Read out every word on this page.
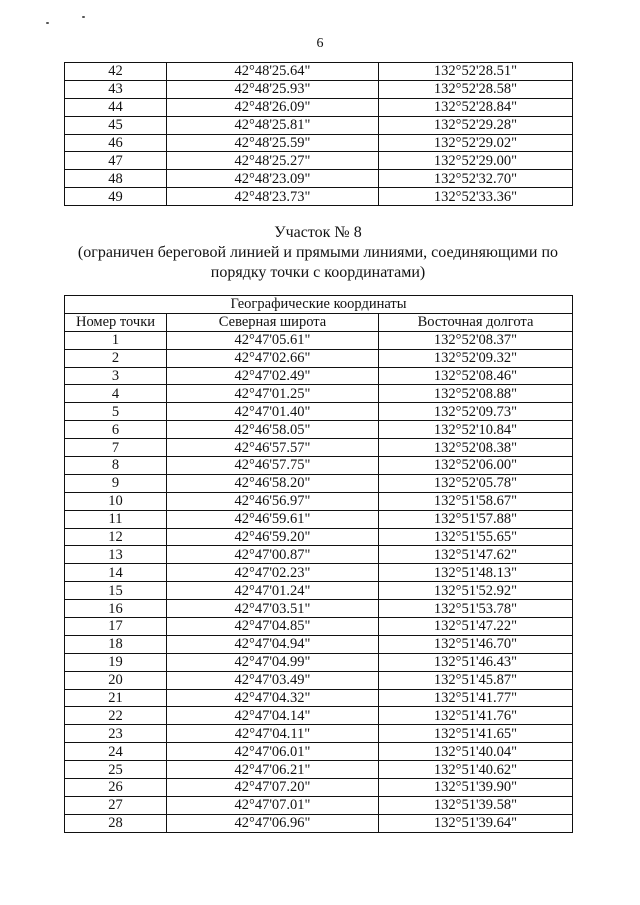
6
42	42°48'25.64"	132°52'28.51"
43	42°48'25.93"	132°52'28.58"
44	42°48'26.09"	132°52'28.84"
45	42°48'25.81"	132°52'29.28"
46	42°48'25.59"	132°52'29.02"
47	42°48'25.27"	132°52'29.00"
48	42°48'23.09"	132°52'32.70"
49	42°48'23.73"	132°52'33.36"
Участок № 8
(ограничен береговой линией и прямыми линиями, соединяющими по порядку точки с координатами)
Географические координаты		
Номер точки	Северная широта	Восточная долгота
1	42°47'05.61"	132°52'08.37"
2	42°47'02.66"	132°52'09.32"
3	42°47'02.49"	132°52'08.46"
4	42°47'01.25"	132°52'08.88"
5	42°47'01.40"	132°52'09.73"
6	42°46'58.05"	132°52'10.84"
7	42°46'57.57"	132°52'08.38"
8	42°46'57.75"	132°52'06.00"
9	42°46'58.20"	132°52'05.78"
10	42°46'56.97"	132°51'58.67"
11	42°46'59.61"	132°51'57.88"
12	42°46'59.20"	132°51'55.65"
13	42°47'00.87"	132°51'47.62"
14	42°47'02.23"	132°51'48.13"
15	42°47'01.24"	132°51'52.92"
16	42°47'03.51"	132°51'53.78"
17	42°47'04.85"	132°51'47.22"
18	42°47'04.94"	132°51'46.70"
19	42°47'04.99"	132°51'46.43"
20	42°47'03.49"	132°51'45.87"
21	42°47'04.32"	132°51'41.77"
22	42°47'04.14"	132°51'41.76"
23	42°47'04.11"	132°51'41.65"
24	42°47'06.01"	132°51'40.04"
25	42°47'06.21"	132°51'40.62"
26	42°47'07.20"	132°51'39.90"
27	42°47'07.01"	132°51'39.58"
28	42°47'06.96"	132°51'39.64"
